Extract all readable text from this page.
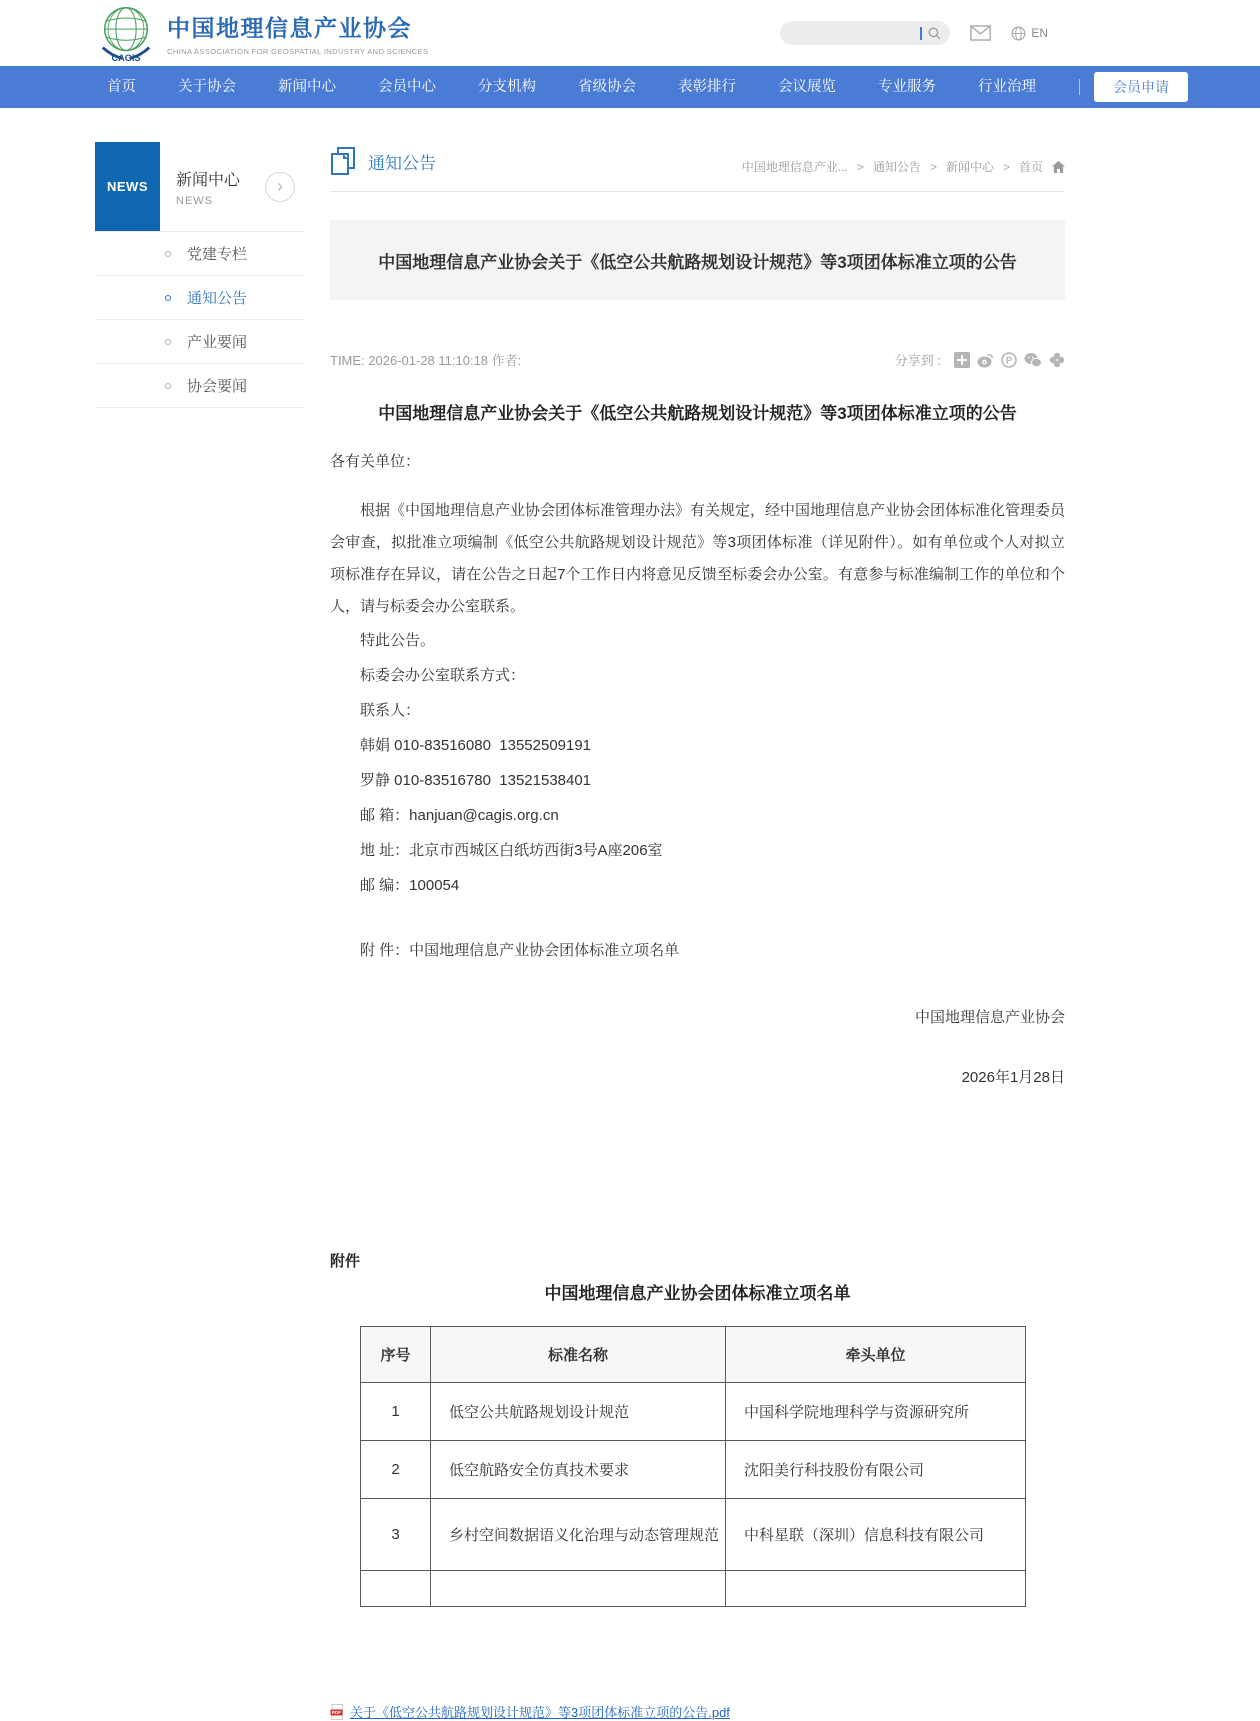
CAGIS
中国地理信息产业协会
CHINA ASSOCIATION FOR GEOSPATIAL INDUSTRY AND SCIENCES
EN
首页	关于协会	新闻中心	会员中心	分支机构	省级协会	表彰排行	会议展览	专业服务	行业治理	会员申请
NEWS	新闻中心
NEWS
›
党建专栏
通知公告
产业要闻
协会要闻
通知公告	中国地理信息产业... > 通知公告 > 新闻中心 > 首页
中国地理信息产业协会关于《低空公共航路规划设计规范》等3项团体标准立项的公告
TIME: 2026-01-28 11:10:18 作者:	分享到 :	P
中国地理信息产业协会关于《低空公共航路规划设计规范》等3项团体标准立项的公告

各有关单位：

根据《中国地理信息产业协会团体标准管理办法》有关规定，经中国地理信息产业协会团体标准化管理委员会审查，拟批准立项编制《低空公共航路规划设计规范》等3项团体标准（详见附件）。如有单位或个人对拟立项标准存在异议，请在公告之日起7个工作日内将意见反馈至标委会办公室。有意参与标准编制工作的单位和个人，请与标委会办公室联系。

特此公告。

标委会办公室联系方式：

联系人：

韩娟 010-83516080  13552509191

罗静 010-83516780  13521538401

邮 箱：hanjuan@cagis.org.cn

地 址：北京市西城区白纸坊西街3号A座206室

邮 编：100054

附 件：中国地理信息产业协会团体标准立项名单

中国地理信息产业协会

2026年1月28日

附件
中国地理信息产业协会团体标准立项名单
序号	标准名称	牵头单位
1	低空公共航路规划设计规范	中国科学院地理科学与资源研究所
2	低空航路安全仿真技术要求	沈阳美行科技股份有限公司
3	乡村空间数据语义化治理与动态管理规范	中科星联（深圳）信息科技有限公司

PDF 关于《低空公共航路规划设计规范》等3项团体标准立项的公告.pdf
